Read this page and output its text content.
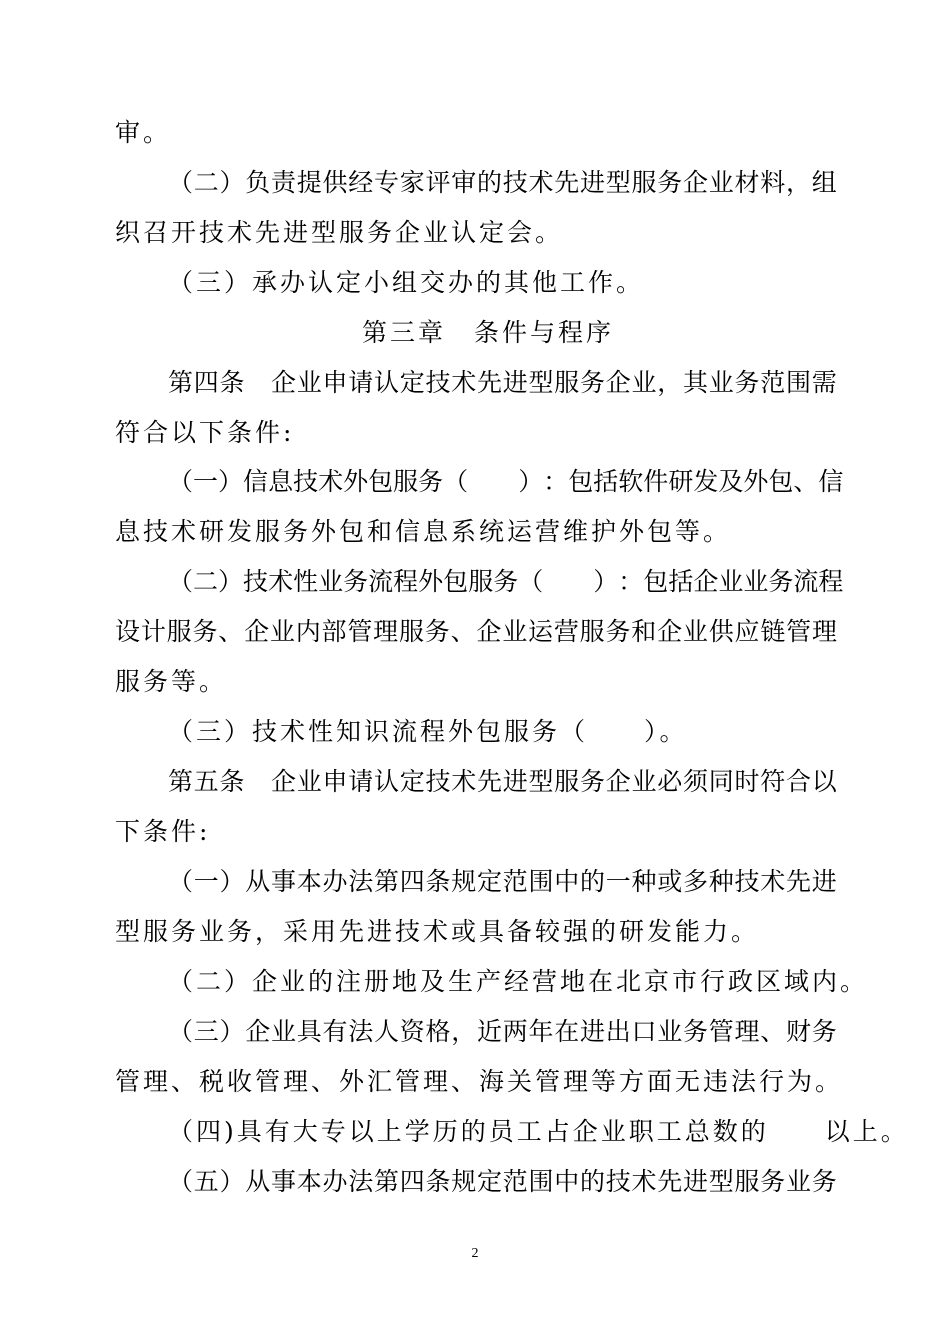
审。
（ 二 ） 负 责 提 供 经 专 家 评 审 的 技 术 先 进 型 服 务 企 业 材 料 ， 组
织召开技术先进型服务企业认定会。
（三）承办认定小组交办的其他工作。
第三章　条件与程序
第 四 条
　 企 业 申 请 认 定 技 术 先 进 型 服 务 企 业 ， 其 业 务 范 围 需
符合以下条件:
（ 一 ） 信 息 技 术 外 包 服 务 （

　 ） ： 包 括 软 件 研 发 及 外 包 、 信
息技术研发服务外包和信息系统运营维护外包等。
（ 二 ） 技 术 性 业 务 流 程 外 包 服 务 （

　 ） ： 包 括 企 业 业 务 流 程
设 计 服 务 、 企 业 内 部 管 理 服 务 、 企 业 运 营 服 务 和 企 业 供 应 链 管 理
服务等。
（三）技术性知识流程外包服务（　　）。
第 五 条
　 企 业 申 请 认 定 技 术 先 进 型 服 务 企 业 必 须 同 时 符 合 以
下条件:
（ 一 ） 从 事 本 办 法 第 四 条 规 定 范 围 中 的 一 种 或 多 种 技 术 先 进
型服务业务，采用先进技术或具备较强的研发能力。
（二）企业的注册地及生产经营地在北京市行政区域内。
（ 三 ） 企 业 具 有 法 人 资 格 ， 近 两 年 在 进 出 口 业 务 管 理 、 财 务
管理、税收管理、外汇管理、海关管理等方面无违法行为。
（四)具有大专以上学历的员工占企业职工总数的　　以上。
（ 五 ） 从 事 本 办 法 第 四 条 规 定 范 围 中 的 技 术 先 进 型 服 务 业 务
2
